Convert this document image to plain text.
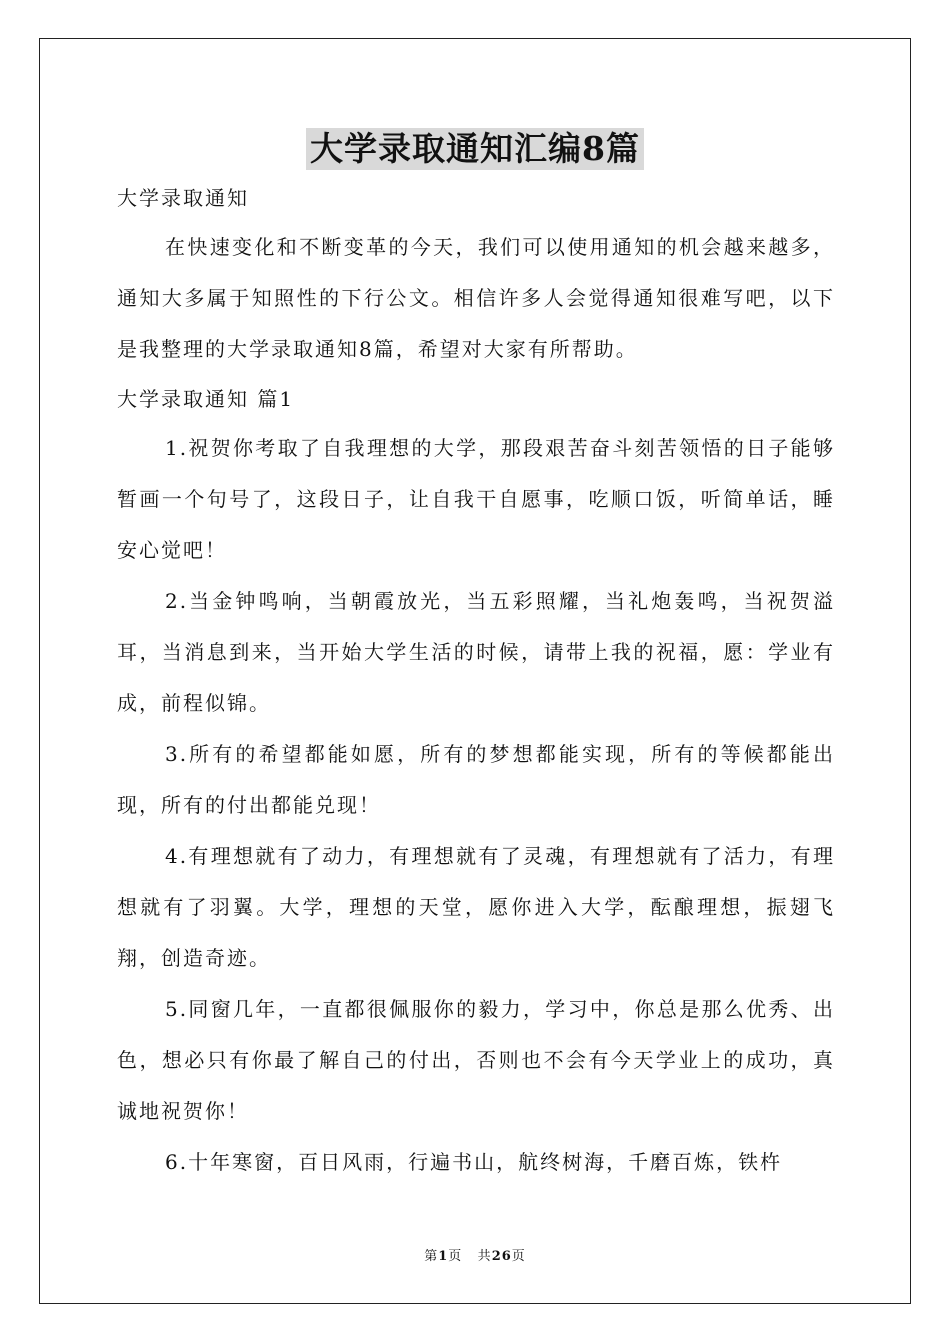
大学录取通知汇编8篇
大学录取通知

在快速变化和不断变革的今天，我们可以使用通知的机会越来越多，通知大多属于知照性的下行公文。相信许多人会觉得通知很难写吧，以下是我整理的大学录取通知8篇，希望对大家有所帮助。

大学录取通知 篇1

1.祝贺你考取了自我理想的大学，那段艰苦奋斗刻苦领悟的日子能够暂画一个句号了，这段日子，让自我干自愿事，吃顺口饭，听简单话，睡安心觉吧！

2.当金钟鸣响，当朝霞放光，当五彩照耀，当礼炮轰鸣，当祝贺溢耳，当消息到来，当开始大学生活的时候，请带上我的祝福，愿：学业有成，前程似锦。

3.所有的希望都能如愿，所有的梦想都能实现，所有的等候都能出现，所有的付出都能兑现！

4.有理想就有了动力，有理想就有了灵魂，有理想就有了活力，有理想就有了羽翼。大学，理想的天堂，愿你进入大学，酝酿理想，振翅飞翔，创造奇迹。

5.同窗几年，一直都很佩服你的毅力，学习中，你总是那么优秀、出色，想必只有你最了解自己的付出，否则也不会有今天学业上的成功，真诚地祝贺你！

6.十年寒窗，百日风雨，行遍书山，航终树海，千磨百炼，铁杵

第1页 共26页
